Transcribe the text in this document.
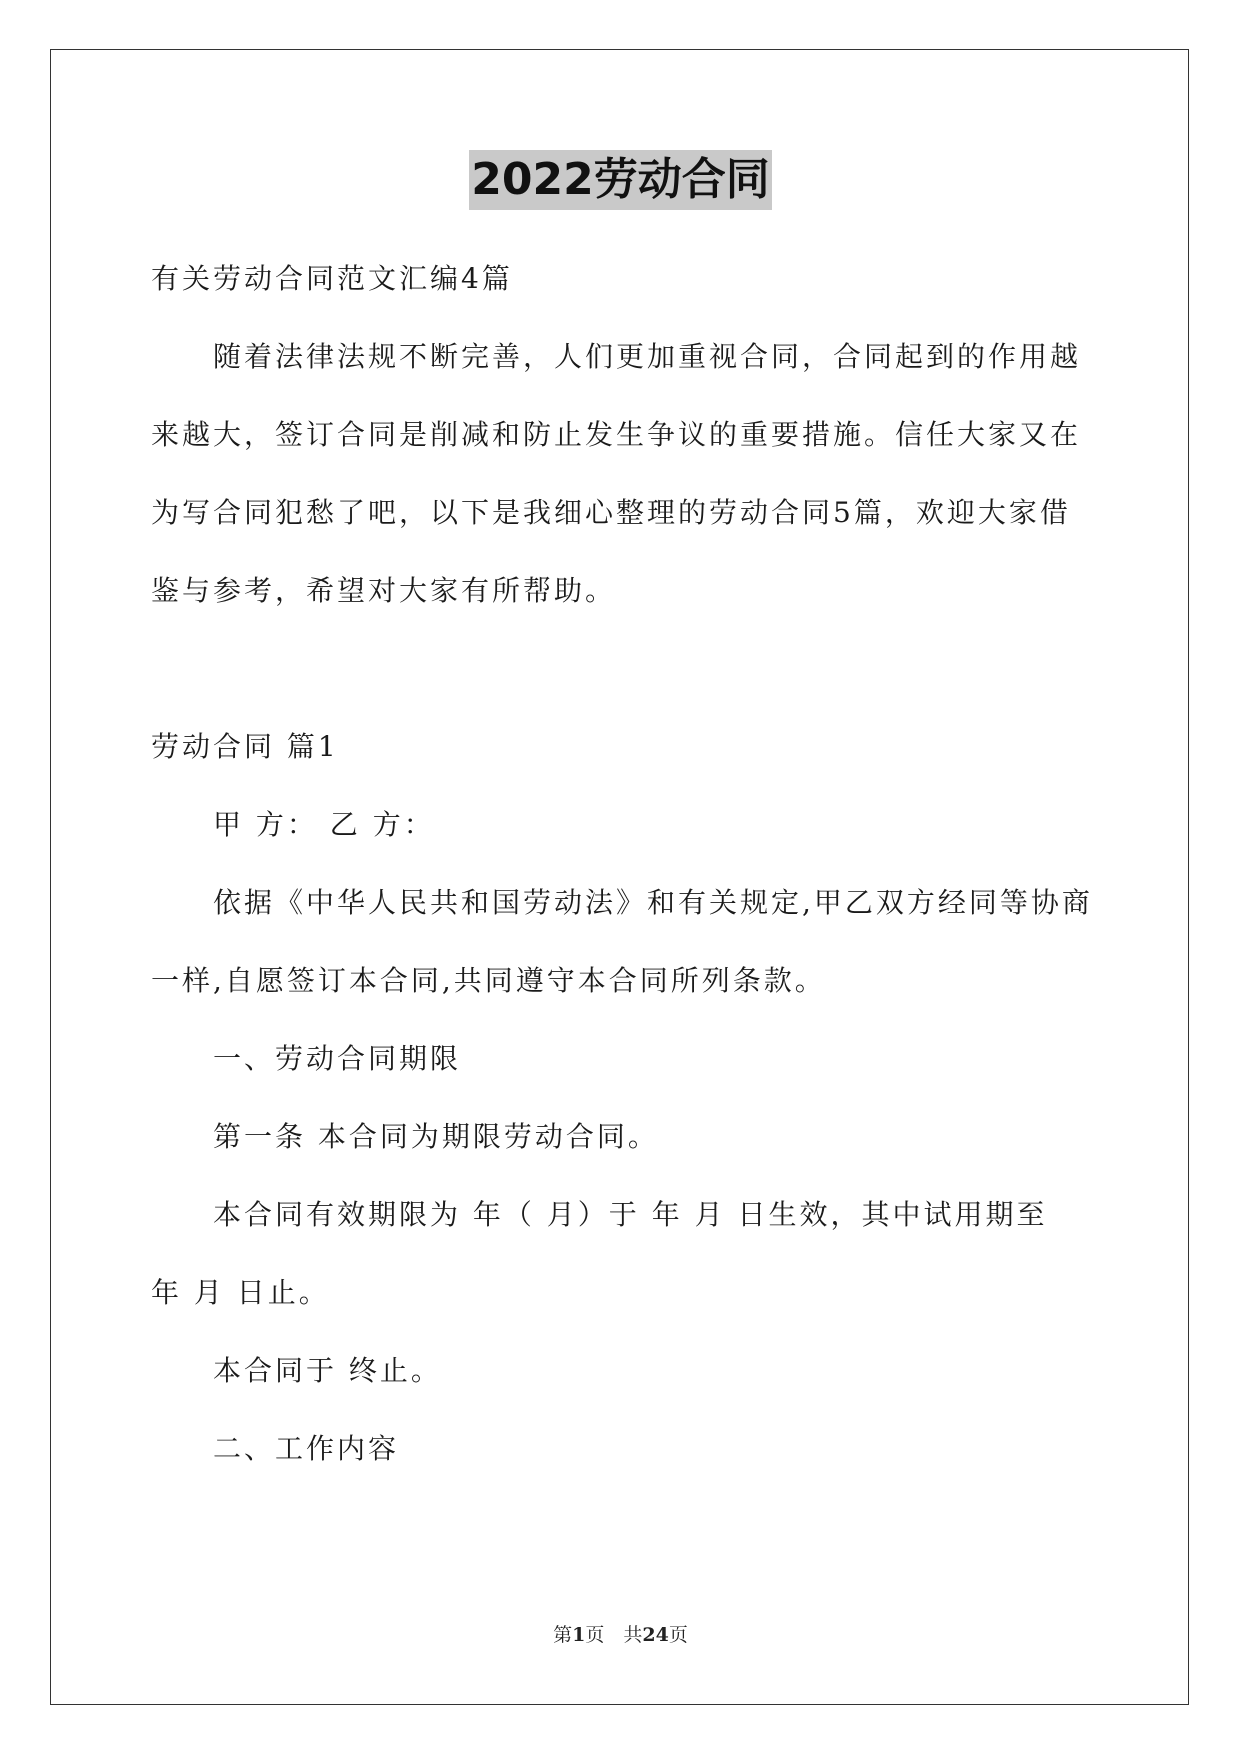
2022劳动合同
有关劳动合同范文汇编4篇
随着法律法规不断完善，人们更加重视合同，合同起到的作用越
来越大，签订合同是削减和防止发生争议的重要措施。信任大家又在
为写合同犯愁了吧，以下是我细心整理的劳动合同5篇，欢迎大家借
鉴与参考，希望对大家有所帮助。
劳动合同 篇1
甲 方： 乙 方：
依据《中华人民共和国劳动法》和有关规定,甲乙双方经同等协商
一样,自愿签订本合同,共同遵守本合同所列条款。
一、劳动合同期限
第一条 本合同为期限劳动合同。
本合同有效期限为 年（ 月）于 年 月 日生效，其中试用期至
年 月 日止。
本合同于 终止。
二、工作内容
第1页　共24页
